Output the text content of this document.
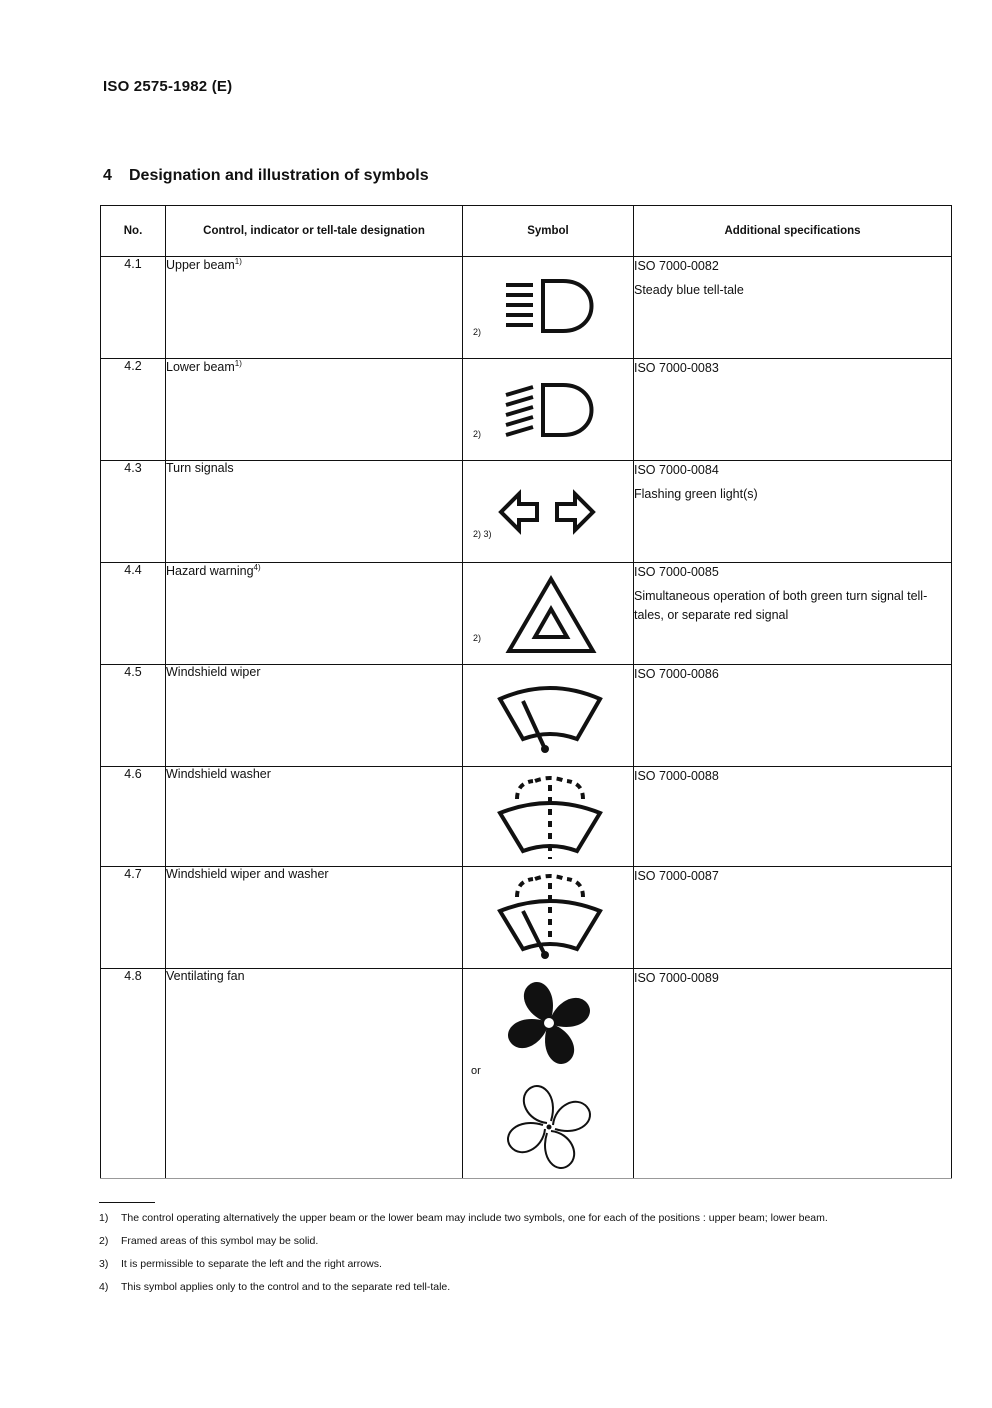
ISO 2575-1982 (E)
4 Designation and illustration of symbols
No.	Control, indicator or tell-tale designation	Symbol	Additional specifications
4.1	Upper beam$^{1)}$	2)	ISO 7000-0082
Steady blue tell-tale

4.2	Lower beam$^{1)}$	2)	ISO 7000-0083

4.3	Turn signals	2) 3)	ISO 7000-0084
Flashing green light(s)

4.4	Hazard warning$^{4)}$	2)	ISO 7000-0085
Simultaneous operation of both green turn signal tell-tales, or separate red signal

4.5	Windshield wiper		ISO 7000-0086

4.6	Windshield washer		ISO 7000-0088

4.7	Windshield wiper and washer		ISO 7000-0087

4.8	Ventilating fan	or	ISO 7000-0089
1) The control operating alternatively the upper beam or the lower beam may include two symbols, one for each of the positions : upper beam; lower beam.
2) Framed areas of this symbol may be solid.
3) It is permissible to separate the left and the right arrows.
4) This symbol applies only to the control and to the separate red tell-tale.
